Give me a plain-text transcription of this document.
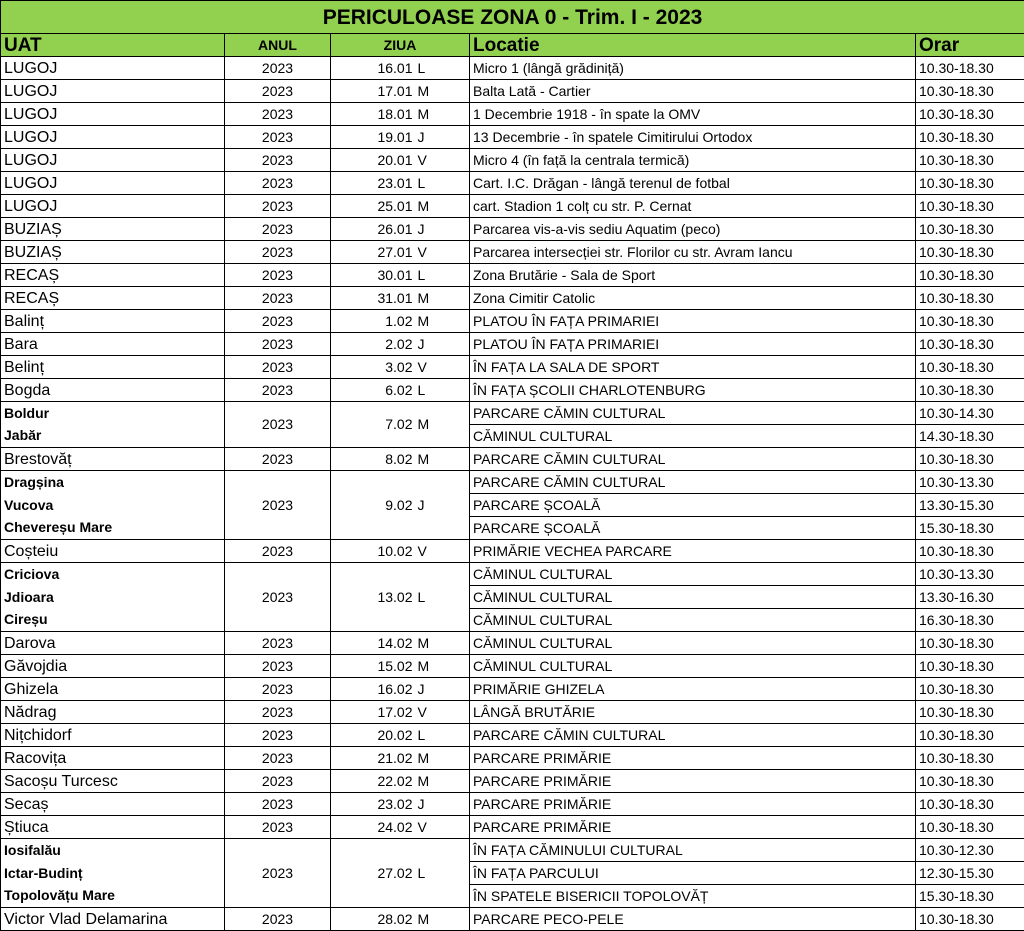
PERICULOASE ZONA 0 - Trim. I - 2023					
UAT	ANUL	ZIUA		Locatie	Orar
LUGOJ	2023	16.01	L	Micro 1 (lângă grădiniță)	10.30-18.30
LUGOJ	2023	17.01	M	Balta Lată - Cartier	10.30-18.30
LUGOJ	2023	18.01	M	1 Decembrie 1918 - în spate la OMV	10.30-18.30
LUGOJ	2023	19.01	J	13 Decembrie - în spatele Cimitirului Ortodox	10.30-18.30
LUGOJ	2023	20.01	V	Micro 4 (în față la centrala termică)	10.30-18.30
LUGOJ	2023	23.01	L	Cart. I.C. Drăgan - lângă terenul de fotbal	10.30-18.30
LUGOJ	2023	25.01	M	cart. Stadion 1 colț cu str. P. Cernat	10.30-18.30
BUZIAȘ	2023	26.01	J	Parcarea vis-a-vis sediu Aquatim (peco)	10.30-18.30
BUZIAȘ	2023	27.01	V	Parcarea intersecției str. Florilor cu str. Avram Iancu	10.30-18.30
RECAȘ	2023	30.01	L	Zona Brutărie - Sala de Sport	10.30-18.30
RECAȘ	2023	31.01	M	Zona Cimitir Catolic	10.30-18.30
Balinț	2023	1.02	M	PLATOU ÎN FAȚA PRIMARIEI	10.30-18.30
Bara	2023	2.02	J	PLATOU ÎN FAȚA PRIMARIEI	10.30-18.30
Belinț	2023	3.02	V	ÎN FAȚA LA SALA DE SPORT	10.30-18.30
Bogda	2023	6.02	L	ÎN FAȚA ȘCOLII CHARLOTENBURG	10.30-18.30
Boldur	2023	7.02	M	PARCARE CĂMIN CULTURAL	10.30-14.30
Jabăr				CĂMINUL CULTURAL	14.30-18.30
Brestovăț	2023	8.02	M	PARCARE CĂMIN CULTURAL	10.30-18.30
Dragșina	2023	9.02	J	PARCARE CĂMIN CULTURAL	10.30-13.30
Vucova				PARCARE ȘCOALĂ	13.30-15.30
Chevereșu Mare				PARCARE ȘCOALĂ	15.30-18.30
Coșteiu	2023	10.02	V	PRIMĂRIE VECHEA PARCARE	10.30-18.30
Criciova	2023	13.02	L	CĂMINUL CULTURAL	10.30-13.30
Jdioara				CĂMINUL CULTURAL	13.30-16.30
Cireșu				CĂMINUL CULTURAL	16.30-18.30
Darova	2023	14.02	M	CĂMINUL CULTURAL	10.30-18.30
Găvojdia	2023	15.02	M	CĂMINUL CULTURAL	10.30-18.30
Ghizela	2023	16.02	J	PRIMĂRIE GHIZELA	10.30-18.30
Nădrag	2023	17.02	V	LÂNGĂ BRUTĂRIE	10.30-18.30
Nițchidorf	2023	20.02	L	PARCARE CĂMIN CULTURAL	10.30-18.30
Racovița	2023	21.02	M	PARCARE PRIMĂRIE	10.30-18.30
Sacoșu Turcesc	2023	22.02	M	PARCARE PRIMĂRIE	10.30-18.30
Secaș	2023	23.02	J	PARCARE PRIMĂRIE	10.30-18.30
Știuca	2023	24.02	V	PARCARE PRIMĂRIE	10.30-18.30
Iosifalău	2023	27.02	L	ÎN FAȚA CĂMINULUI CULTURAL	10.30-12.30
Ictar-Budinț				ÎN FAȚA PARCULUI	12.30-15.30
Topolovățu Mare				ÎN SPATELE BISERICII TOPOLOVĂȚ	15.30-18.30
Victor Vlad Delamarina	2023	28.02	M	PARCARE PECO-PELE	10.30-18.30
